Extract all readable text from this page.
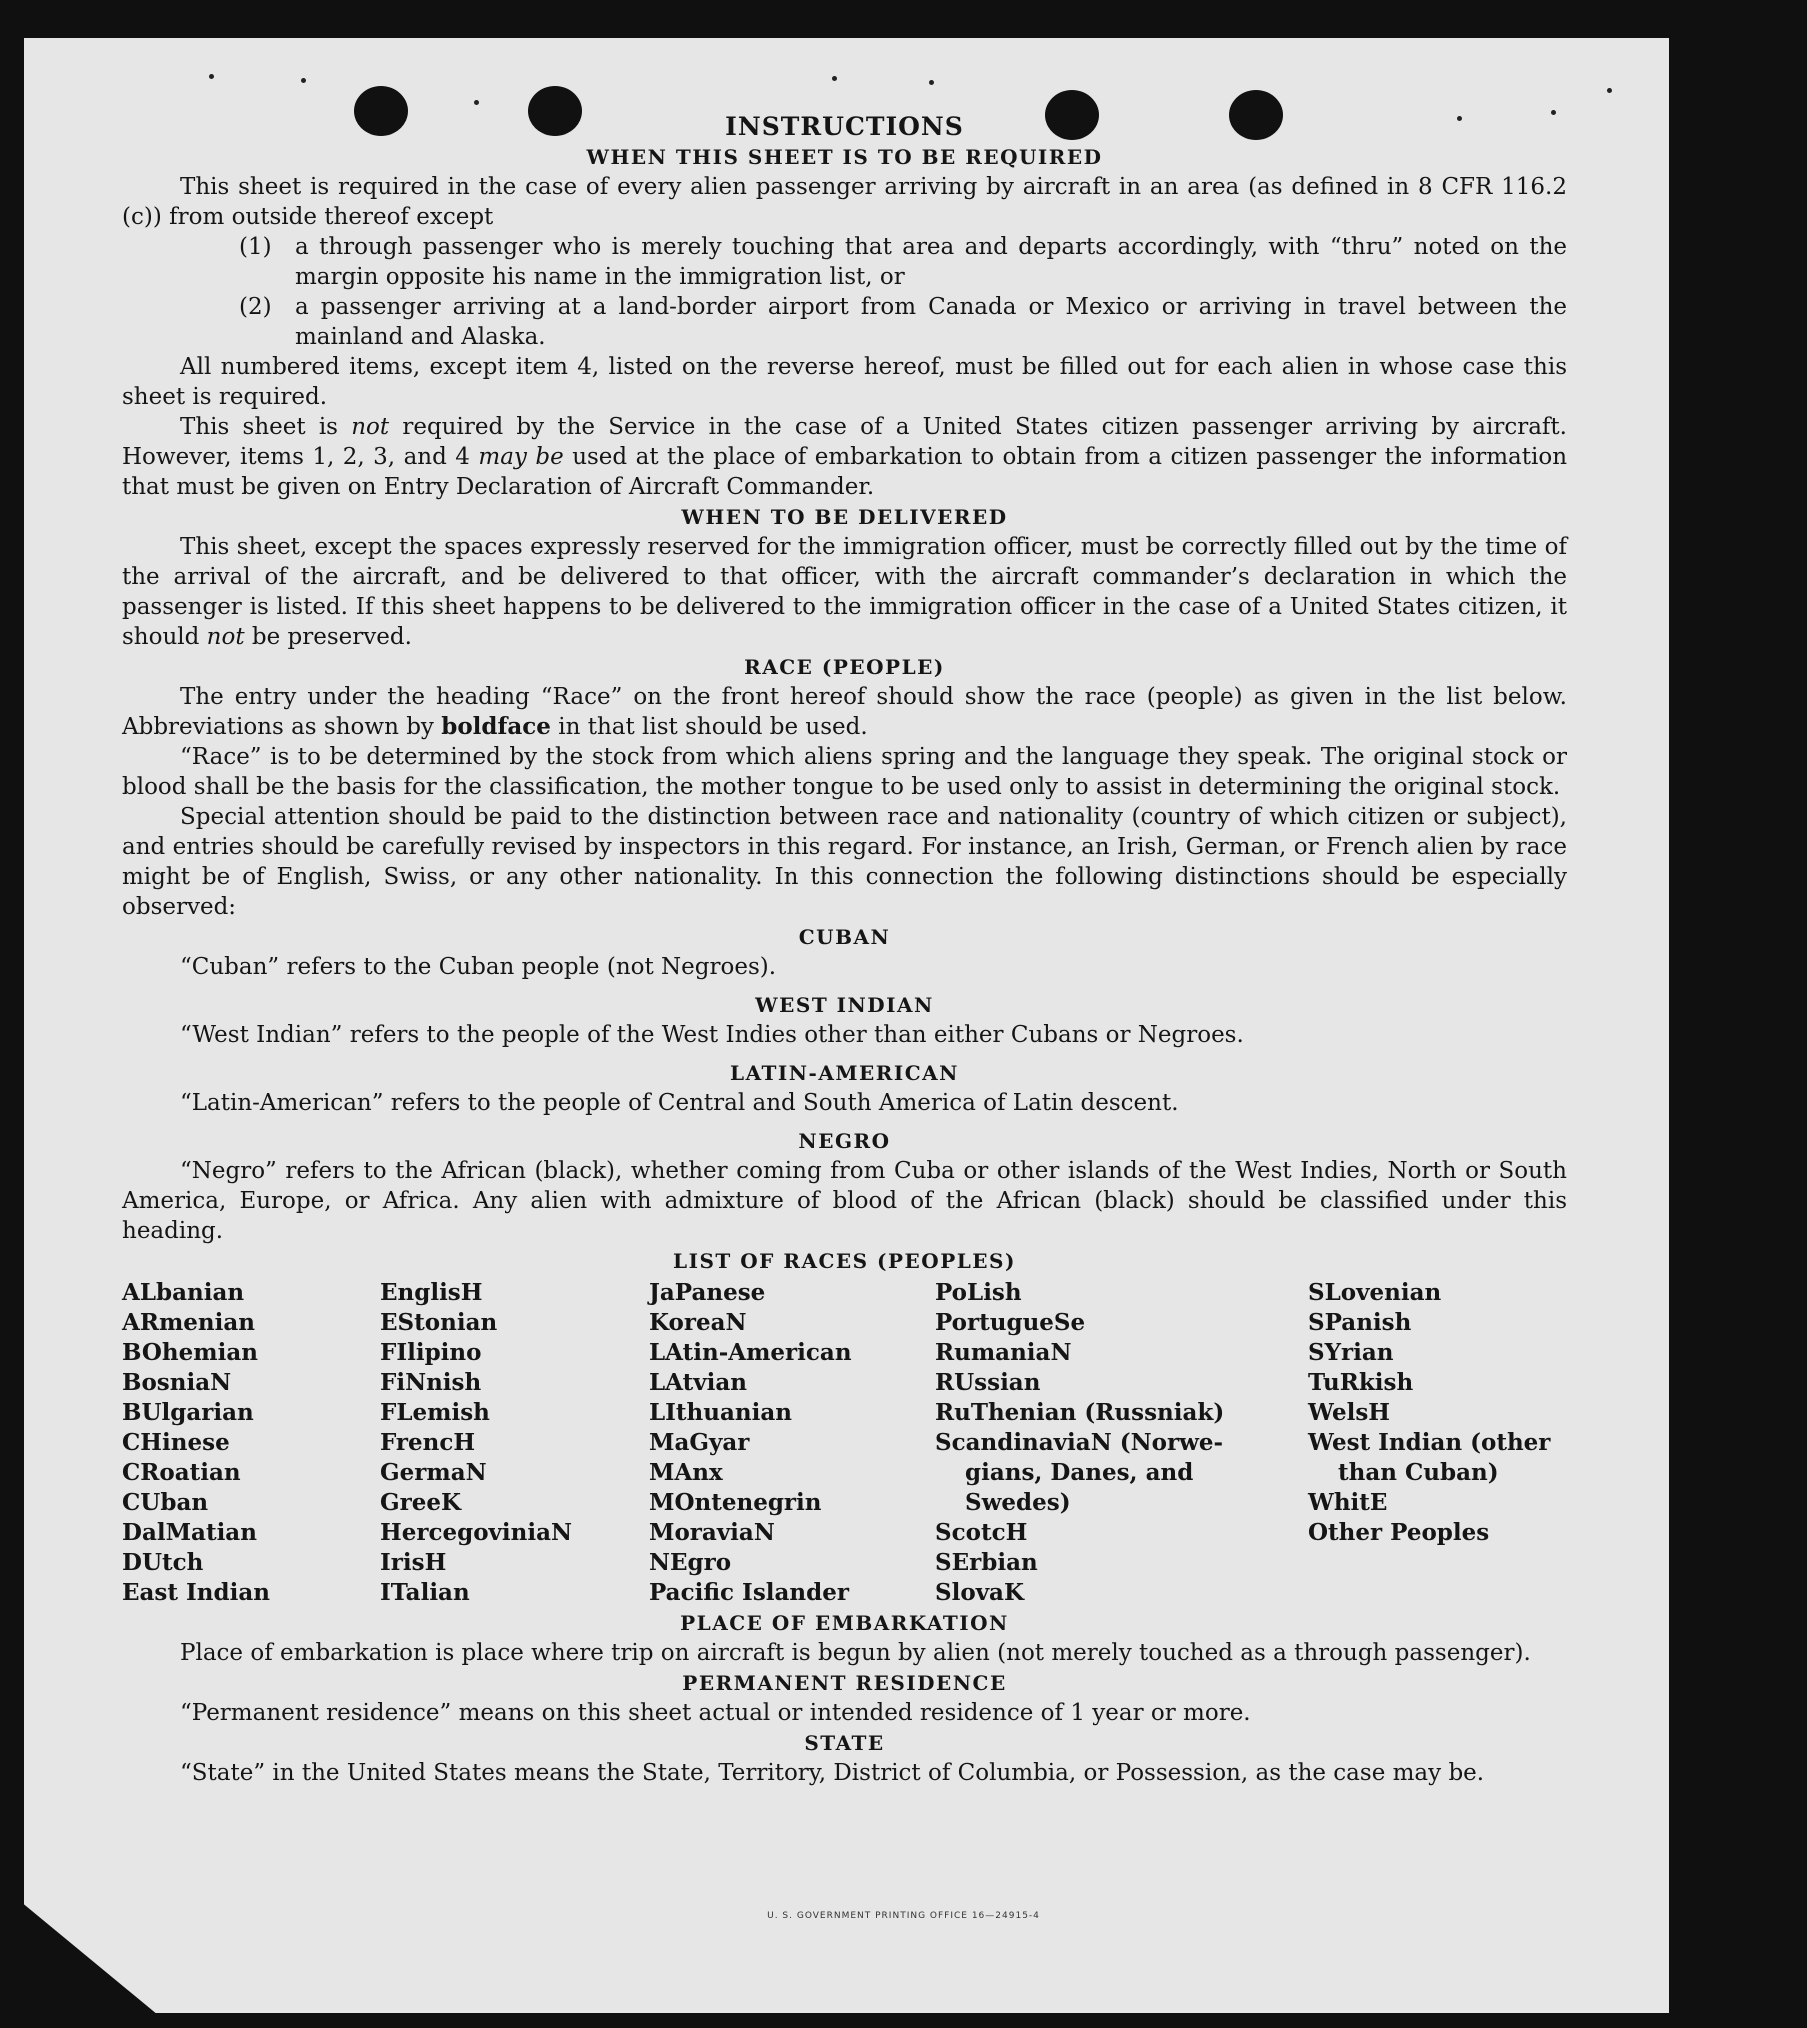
INSTRUCTIONS

WHEN THIS SHEET IS TO BE REQUIRED

This sheet is required in the case of every alien passenger arriving by aircraft in an area (as defined in 8 CFR 116.2 (c)) from outside thereof except

(1)	a through passenger who is merely touching that area and departs accordingly, with “thru” noted on the margin opposite his name in the immigration list, or
(2)	a passenger arriving at a land-border airport from Canada or Mexico or arriving in travel between the mainland and Alaska.

All numbered items, except item 4, listed on the reverse hereof, must be filled out for each alien in whose case this sheet is required.

This sheet is not required by the Service in the case of a United States citizen passenger arriving by aircraft. However, items 1, 2, 3, and 4 may be used at the place of embarkation to obtain from a citizen passenger the information that must be given on Entry Declaration of Aircraft Commander.

WHEN TO BE DELIVERED

This sheet, except the spaces expressly reserved for the immigration officer, must be correctly filled out by the time of the arrival of the aircraft, and be delivered to that officer, with the aircraft commander’s declaration in which the passenger is listed. If this sheet happens to be delivered to the immigration officer in the case of a United States citizen, it should not be preserved.

RACE (PEOPLE)

The entry under the heading “Race” on the front hereof should show the race (people) as given in the list below. Abbreviations as shown by boldface in that list should be used.

“Race” is to be determined by the stock from which aliens spring and the language they speak. The original stock or blood shall be the basis for the classification, the mother tongue to be used only to assist in determining the original stock.

Special attention should be paid to the distinction between race and nationality (country of which citizen or subject), and entries should be carefully revised by inspectors in this regard. For instance, an Irish, German, or French alien by race might be of English, Swiss, or any other nationality. In this connection the following distinctions should be especially observed:

CUBAN

“Cuban” refers to the Cuban people (not Negroes).

WEST INDIAN

“West Indian” refers to the people of the West Indies other than either Cubans or Negroes.

LATIN-AMERICAN

“Latin-American” refers to the people of Central and South America of Latin descent.

NEGRO

“Negro” refers to the African (black), whether coming from Cuba or other islands of the West Indies, North or South America, Europe, or Africa. Any alien with admixture of blood of the African (black) should be classified under this heading.

LIST OF RACES (PEOPLES)

ALbanian
ARmenian
BOhemian
BosniaN
BUlgarian
CHinese
CRoatian
CUban
DalMatian
DUtch
East Indian
EnglisH
EStonian
FIlipino
FiNnish
FLemish
FrencH
GermaN
GreeK
HercegoviniaN
IrisH
ITalian
JaPanese
KoreaN
LAtin-American
LAtvian
LIthuanian
MaGyar
MAnx
MOntenegrin
MoraviaN
NEgro
Pacific Islander
PoLish
PortugueSe
RumaniaN
RUssian
RuThenian (Russniak)
ScandinaviaN (Norwe-
gians, Danes, and
Swedes)
ScotcH
SErbian
SlovaK
SLovenian
SPanish
SYrian
TuRkish
WelsH
West Indian (other
than Cuban)
WhitE
Other Peoples

PLACE OF EMBARKATION

Place of embarkation is place where trip on aircraft is begun by alien (not merely touched as a through passenger).

PERMANENT RESIDENCE

“Permanent residence” means on this sheet actual or intended residence of 1 year or more.

STATE

“State” in the United States means the State, Territory, District of Columbia, or Possession, as the case may be.

U. S. GOVERNMENT PRINTING OFFICE 16—24915-4
